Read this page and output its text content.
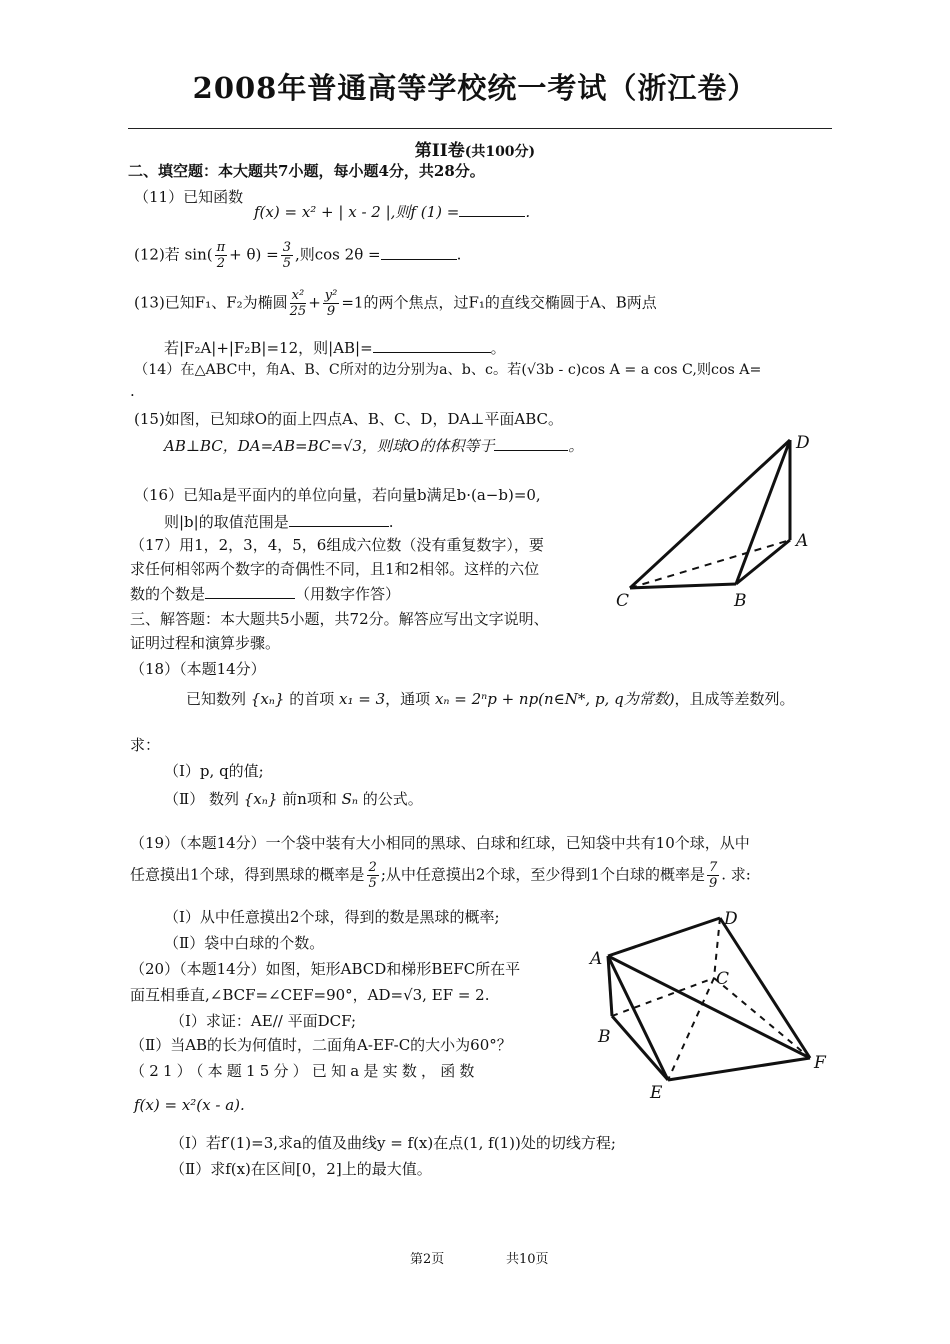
2008年普通高等学校统一考试（浙江卷）
第II卷(共100分)
二、填空题：本大题共7小题，每小题4分，共28分。
（11）已知函数
f(x) = x² + | x - 2 |,则f (1) =	.
(12)若 $\sin( \frac{\pi}{2} + \theta) = \frac{3}{5}$ ,则cos 2θ =	.
(13)已知F₁、F₂为椭圆 $\frac{\text{x²}}{25} + \frac{\text{y²}}{9} =1$的两个焦点，过F₁的直线交椭圆于A、B两点
若|F₂A|+|F₂B|=12，则|AB|=	。
（14）在△ABC中，角A、B、C所对的边分别为a、b、c。若(√3b - c)cos A = a cos C,则cos A=
.
(15)如图，已知球O的面上四点A、B、C、D，DA⊥平面ABC。
AB⊥BC，DA=AB=BC=√3，则球O的体积等于	。	D
A
B
C
（16）已知a是平面内的单位向量，若向量b满足b·(a−b)=0,
则|b|的取值范围是	.
（17）用1，2，3，4，5，6组成六位数（没有重复数字），要
求任何相邻两个数字的奇偶性不同，且1和2相邻。这样的六位
数的个数是	（用数字作答）
三、解答题：本大题共5小题，共72分。解答应写出文字说明、
证明过程和演算步骤。
（18）（本题14分）
已知数列 {xₙ} 的首项 x₁ = 3，通项 xₙ = 2ⁿp + np(n∈N*, p, q为常数)，且成等差数列。
求：
（Ⅰ）p, q的值;
（Ⅱ） 数列 {xₙ} 前n项和 Sₙ 的公式。
（19）（本题14分）一个袋中装有大小相同的黑球、白球和红球，已知袋中共有10个球，从中
任意摸出1个球，得到黑球的概率是 $\frac{2}{5}$ ;从中任意摸出2个球，至少得到1个白球的概率是 $\frac{7}{9}$ . 求:
（Ⅰ）从中任意摸出2个球，得到的数是黑球的概率;
（Ⅱ）袋中白球的个数。
D
A
C
B
F
E
（20）（本题14分）如图，矩形ABCD和梯形BEFC所在平
面互相垂直,∠BCF=∠CEF=90°，AD=√3, EF = 2.
（Ⅰ）求证：AE// 平面DCF;
（Ⅱ）当AB的长为何值时，二面角A-EF-C的大小为60°？
（21）（本题15分）已知a是实数，函数
f(x) = x²(x - a).
（Ⅰ）若f′(1)=3,求a的值及曲线y = f(x)在点(1, f(1))处的切线方程;
（Ⅱ）求f(x)在区间[0，2]上的最大值。
第2页	共10页
